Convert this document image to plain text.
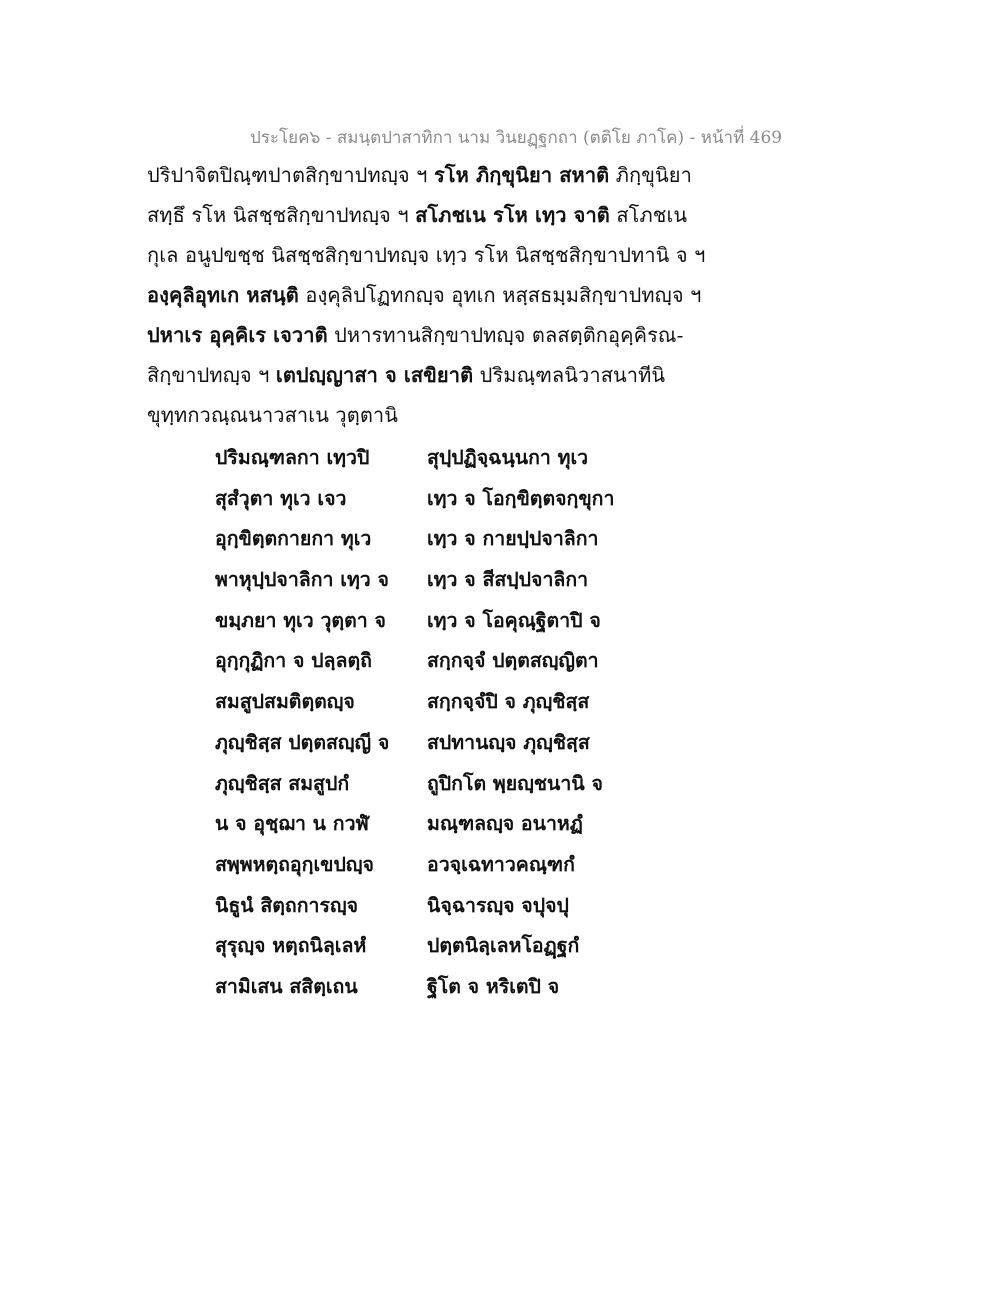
ประโยค๖ - สมนฺตปาสาทิกา นาม วินยฏฺฐกถา (ตติโย ภาโค) - หน้าที่ 469
ปริปาจิตปิณฺฑปาตสิกฺขาปทญฺจ ฯ รโห ภิกฺขุนิยา สหาติ ภิกฺขุนิยา
สทฺธึ รโห นิสชฺชสิกฺขาปทญฺจ ฯ สโภชเน รโห เทฺว จาติ สโภชเน
กุเล อนูปขชฺช นิสชฺชสิกฺขาปทญฺจ เทฺว รโห นิสชฺชสิกฺขาปทานิ จ ฯ
องฺคุลิอุทเก หสนฺติ องฺคุลิปโฏทกญฺจ อุทเก หสฺสธมฺมสิกฺขาปทญฺจ ฯ
ปหาเร อุคฺคิเร เจวาติ ปหารทานสิกฺขาปทญฺจ ตลสตฺติกอุคฺคิรณ-
สิกฺขาปทญฺจ ฯ เตปญฺญาสา จ เสขิยาติ ปริมณฺฑลนิวาสนาทีนิ
ขุทฺทกวณฺณนาวสาเน วุตฺตานิ
ปริมณฺฑลกา เทฺวปิ	สุปฺปฏิจฺฉนฺนกา ทุเว
สุสํวุตา ทุเว เจว	เทฺว จ โอกฺขิตฺตจกฺขุกา
อุกฺขิตฺตกายกา ทุเว	เทฺว จ กายปฺปจาลิกา
พาหุปฺปจาลิกา เทฺว จ	เทฺว จ สีสปฺปจาลิกา
ขมฺภยา ทุเว วุตฺตา จ	เทฺว จ โอคุณฺฐิตาปิ จ
อุกฺกุฏิกา จ ปลฺลตฺถิ	สกฺกจฺจํ ปตฺตสญฺญิตา
สมสูปสมติตฺตญฺจ	สกฺกจฺจํปิ จ ภุญฺชิสฺส
ภุญฺชิสฺส ปตฺตสญฺญี จ	สปทานญฺจ ภุญฺชิสฺส
ภุญฺชิสฺส สมสูปกํ	ถูปิกโต พฺยญฺชนานิ จ
น จ อุชฺฌา น กวฬํ	มณฺฑลญฺจ อนาหฏํ
สพฺพหตฺถอุกฺเขปญฺจ	อวจฺเฉทาวคณฺฑกํ
นิธูนํ สิตฺถการญฺจ	นิจฺฉารญฺจ จปุจปุ
สุรุญฺจ หตฺถนิลฺเลหํ	ปตฺตนิลฺเลหโอฏฺฐกํ
สามิเสน สสิตฺเถน	ฐิโต จ หริเตปิ จ
